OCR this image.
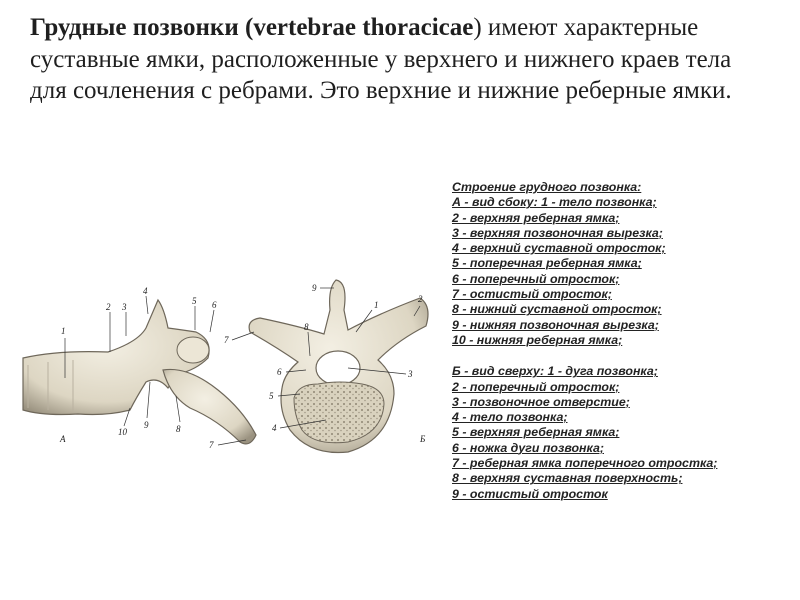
Грудные позвонки (vertebrae thoracicae) имеют характерные суставные ямки, расположенные у верхнего и нижнего краев тела для сочленения с ребрами. Это верхние и нижние реберные ямки.

Строение грудного позвонка:
А - вид сбоку: 1 - тело позвонка;
2 - верхняя реберная ямка;
3 - верхняя позвоночная вырезка;
4 - верхний суставной отросток;
5 - поперечная реберная ямка;
6 - поперечный отросток;
7 - остистый отросток;
8 - нижний суставной отросток;
9 - нижняя позвоночная вырезка;
10 - нижняя реберная ямка;
Б - вид сверху: 1 - дуга позвонка;
2 - поперечный отросток;
3 - позвоночное отверстие;
4 - тело позвонка;
5 - верхняя реберная ямка;
6 - ножка дуги позвонка;
7 - реберная ямка поперечного отростка;
8 - верхняя суставная поверхность;
9 - остистый отросток
1
2 3
4
5 6
7
8
9
10
А
1
2
3
4
5
6
7
8
9
Б
